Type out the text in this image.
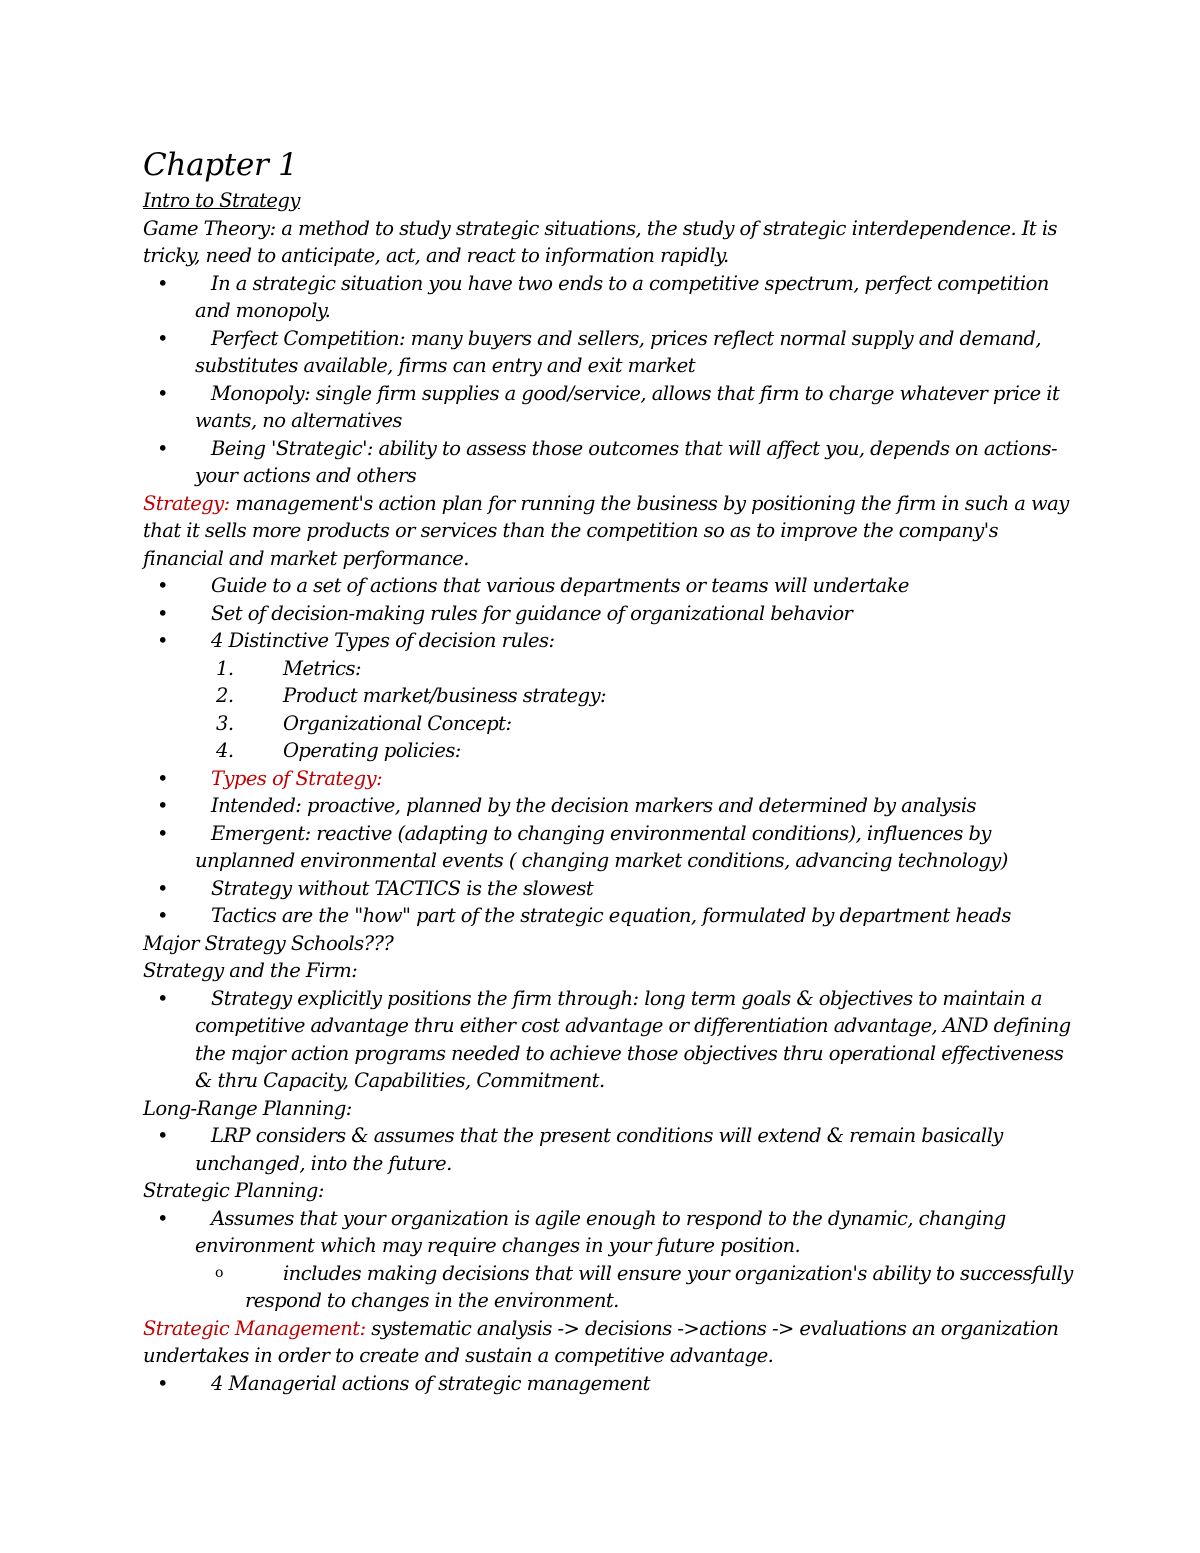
Chapter 1

Intro to Strategy

Game Theory: a method to study strategic situations, the study of strategic interdependence. It is tricky, need to anticipate, act, and react to information rapidly.

•	In a strategic situation you have two ends to a competitive spectrum, perfect competition and monopoly.
•	Perfect Competition: many buyers and sellers, prices reflect normal supply and demand, substitutes available, firms can entry and exit market
•	Monopoly: single firm supplies a good/service, allows that firm to charge whatever price it wants, no alternatives
•	Being 'Strategic': ability to assess those outcomes that will affect you, depends on actions- your actions and others

Strategy: management's action plan for running the business by positioning the firm in such a way that it sells more products or services than the competition so as to improve the company's financial and market performance.

•	Guide to a set of actions that various departments or teams will undertake
•	Set of decision-making rules for guidance of organizational behavior
•	4 Distinctive Types of decision rules:
1.	Metrics:
2.	Product market/business strategy:
3.	Organizational Concept:
4.	Operating policies:
•	Types of Strategy:
•	Intended: proactive, planned by the decision markers and determined by analysis
•	Emergent: reactive (adapting to changing environmental conditions), influences by unplanned environmental events ( changing market conditions, advancing technology)
•	Strategy without TACTICS is the slowest
•	Tactics are the "how" part of the strategic equation, formulated by department heads

Major Strategy Schools???

Strategy and the Firm:

•	Strategy explicitly positions the firm through: long term goals & objectives to maintain a competitive advantage thru either cost advantage or differentiation advantage, AND defining the major action programs needed to achieve those objectives thru operational effectiveness & thru Capacity, Capabilities, Commitment.

Long-Range Planning:

•	LRP considers & assumes that the present conditions will extend & remain basically unchanged, into the future.

Strategic Planning:

•	Assumes that your organization is agile enough to respond to the dynamic, changing environment which may require changes in your future position.
o	includes making decisions that will ensure your organization's ability to successfully respond to changes in the environment.

Strategic Management: systematic analysis -> decisions ->actions -> evaluations an organization undertakes in order to create and sustain a competitive advantage.

•	4 Managerial actions of strategic management
